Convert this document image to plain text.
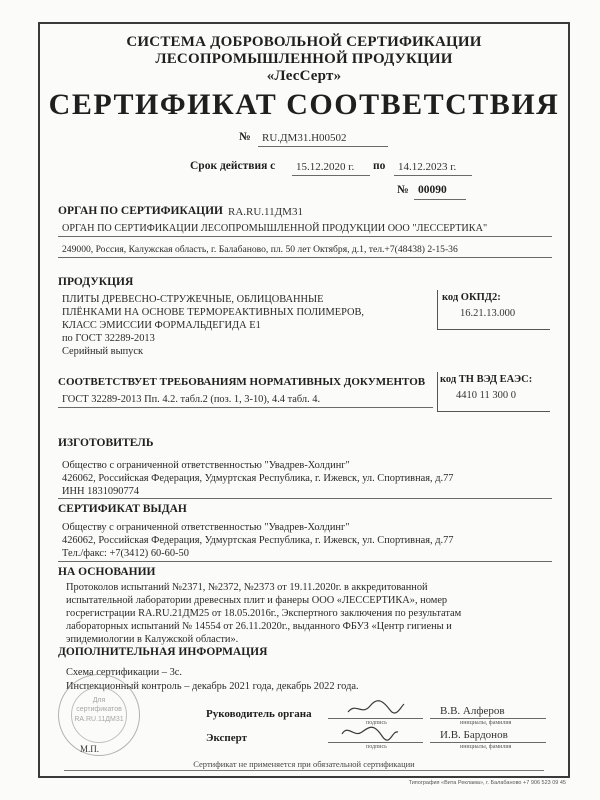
СИСТЕМА ДОБРОВОЛЬНОЙ СЕРТИФИКАЦИИ
ЛЕСОПРОМЫШЛЕННОЙ ПРОДУКЦИИ
«ЛесСерт»
СЕРТИФИКАТ СООТВЕТСТВИЯ
№ RU.ДМ31.H00502
Срок действия с 15.12.2020 г. по 14.12.2023 г.
№ 00090
ОРГАН ПО СЕРТИФИКАЦИИ RA.RU.11ДМ31
ОРГАН ПО СЕРТИФИКАЦИИ ЛЕСОПРОМЫШЛЕННОЙ ПРОДУКЦИИ ООО "ЛЕССЕРТИКА"
249000, Россия, Калужская область, г. Балабаново, пл. 50 лет Октября, д.1, тел.+7(48438) 2-15-36
ПРОДУКЦИЯ
ПЛИТЫ ДРЕВЕСНО-СТРУЖЕЧНЫЕ, ОБЛИЦОВАННЫЕ
ПЛЁНКАМИ НА ОСНОВЕ ТЕРМОРЕАКТИВНЫХ ПОЛИМЕРОВ,
КЛАСС ЭМИССИИ ФОРМАЛЬДЕГИДА Е1
по ГОСТ 32289-2013
Серийный выпуск
код ОКПД2:
16.21.13.000
СООТВЕТСТВУЕТ ТРЕБОВАНИЯМ НОРМАТИВНЫХ ДОКУМЕНТОВ
ГОСТ 32289-2013 Пп. 4.2. табл.2 (поз. 1, 3-10), 4.4 табл. 4.
код ТН ВЭД ЕАЭС:
4410 11 300 0
ИЗГОТОВИТЕЛЬ
Общество с ограниченной ответственностью "Увадрев-Холдинг"
426062, Российская Федерация, Удмуртская Республика, г. Ижевск, ул. Спортивная, д.77
ИНН 1831090774
СЕРТИФИКАТ ВЫДАН
Обществу с ограниченной ответственностью "Увадрев-Холдинг"
426062, Российская Федерация, Удмуртская Республика, г. Ижевск, ул. Спортивная, д.77
Тел./факс: +7(3412) 60-60-50
НА ОСНОВАНИИ
Протоколов испытаний №2371, №2372, №2373 от 19.11.2020г. в аккредитованной
испытательной лаборатории древесных плит и фанеры ООО «ЛЕССЕРТИКА», номер
госрегистрации RA.RU.21ДМ25 от 18.05.2016г., Экспертного заключения по результатам
лабораторных испытаний № 14554 от 26.11.2020г., выданного ФБУЗ «Центр гигиены и
эпидемиологии в Калужской области».
ДОПОЛНИТЕЛЬНАЯ ИНФОРМАЦИЯ
Схема сертификации – 3с.
Инспекционный контроль – декабрь 2021 года, декабрь 2022 года.
Для
сертификатов
RA.RU.11ДМ31
М.П.
Руководитель органа
подпись
В.В. Алферов
инициалы, фамилия
Эксперт
подпись
И.В. Бардонов
инициалы, фамилия
Сертификат не применяется при обязательной сертификации
Типография «Вита Реклама», г. Балабаново +7 906 523 09 45
